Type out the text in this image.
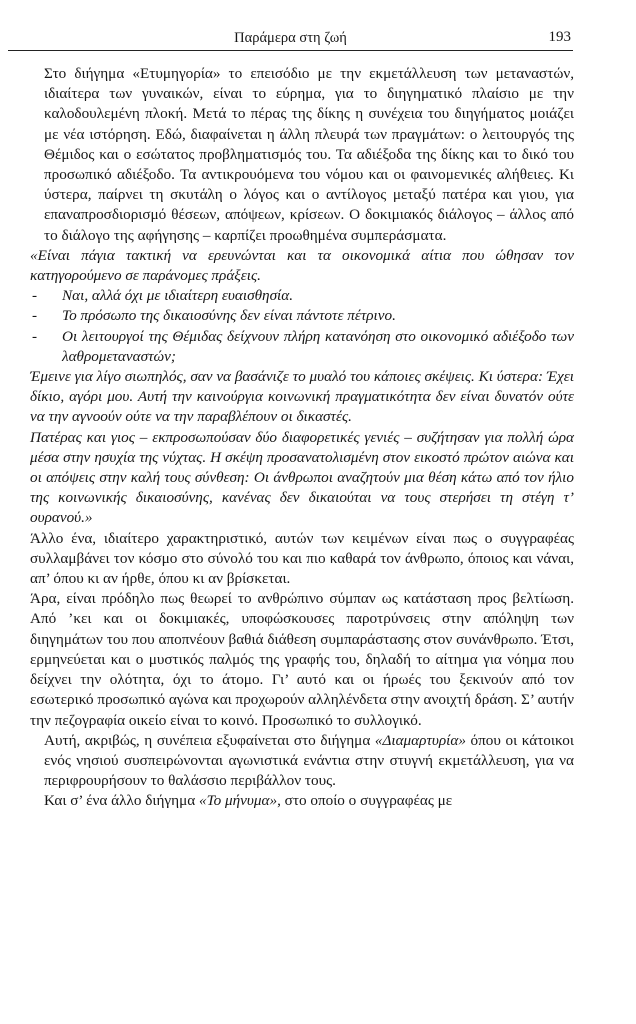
Παράμερα στη ζωή	193

Στο διήγημα «Ετυμηγορία» το επεισόδιο με την εκμετάλλευση των μεταναστών, ιδιαίτερα των γυναικών, είναι το εύρημα, για το διηγηματικό πλαίσιο με την καλοδουλεμένη πλοκή. Μετά το πέρας της δίκης η συνέχεια του διηγήματος μοιάζει με νέα ιστόρηση. Εδώ, διαφαίνεται η άλλη πλευρά των πραγμάτων: ο λειτουργός της Θέμιδος και ο εσώτατος προβληματισμός του. Τα αδιέξοδα της δίκης και το δικό του προσωπικό αδιέξοδο. Τα αντικρουόμενα του νόμου και οι φαινομενικές αλήθειες. Κι ύστερα, παίρνει τη σκυτάλη ο λόγος και ο αντίλογος μεταξύ πατέρα και γιου, για επαναπροσδιορισμό θέσεων, απόψεων, κρίσεων. Ο δοκιμιακός διάλογος – άλλος από το διάλογο της αφήγησης – καρπίζει προωθημένα συμπεράσματα.

«Είναι πάγια τακτική να ερευνώνται και τα οικονομικά αίτια που ώθησαν τον κατηγορούμενο σε παράνομες πράξεις.

- Ναι, αλλά όχι με ιδιαίτερη ευαισθησία.

- Το πρόσωπο της δικαιοσύνης δεν είναι πάντοτε πέτρινο.

- Οι λειτουργοί της Θέμιδας δείχνουν πλήρη κατανόηση στο οικονομικό αδιέξοδο των λαθρομεταναστών;

Έμεινε για λίγο σιωπηλός, σαν να βασάνιζε το μυαλό του κάποιες σκέψεις. Κι ύστερα: Έχει δίκιο, αγόρι μου. Αυτή την καινούργια κοινωνική πραγματικότητα δεν είναι δυνατόν ούτε να την αγνοούν ούτε να την παραβλέπουν οι δικαστές.

Πατέρας και γιος – εκπροσωπούσαν δύο διαφορετικές γενιές – συζήτησαν για πολλή ώρα μέσα στην ησυχία της νύχτας. Η σκέψη προσανατολισμένη στον εικοστό πρώτον αιώνα και οι απόψεις στην καλή τους σύνθεση: Οι άνθρωποι αναζητούν μια θέση κάτω από τον ήλιο της κοινωνικής δικαιοσύνης, κανένας δεν δικαιούται να τους στερήσει τη στέγη τ’ ουρανού.»

Άλλο ένα, ιδιαίτερο χαρακτηριστικό, αυτών των κειμένων είναι πως ο συγγραφέας συλλαμβάνει τον κόσμο στο σύνολό του και πιο καθαρά τον άνθρωπο, όποιος και νάναι, απ’ όπου κι αν ήρθε, όπου κι αν βρίσκεται.

Άρα, είναι πρόδηλο πως θεωρεί το ανθρώπινο σύμπαν ως κατάσταση προς βελτίωση. Από ’κει και οι δοκιμιακές, υποφώσκουσες παροτρύνσεις στην απόληψη των διηγημάτων του που αποπνέουν βαθιά διάθεση συμπαράστασης στον συνάνθρωπο. Έτσι, ερμηνεύεται και ο μυστικός παλμός της γραφής του, δηλαδή το αίτημα για νόημα που δείχνει την ολότητα, όχι το άτομο. Γι’ αυτό και οι ήρωές του ξεκινούν από τον εσωτερικό προσωπικό αγώνα και προχωρούν αλληλένδετα στην ανοιχτή δράση. Σ’ αυτήν την πεζογραφία οικείο είναι το κοινό. Προσωπικό το συλλογικό.

Αυτή, ακριβώς, η συνέπεια εξυφαίνεται στο διήγημα «Διαμαρτυρία» όπου οι κάτοικοι ενός νησιού συσπειρώνονται αγωνιστικά ενάντια στην στυγνή εκμετάλλευση, για να περιφρουρήσουν το θαλάσσιο περιβάλλον τους.

Και σ’ ένα άλλο διήγημα «Το μήνυμα», στο οποίο ο συγγραφέας με
